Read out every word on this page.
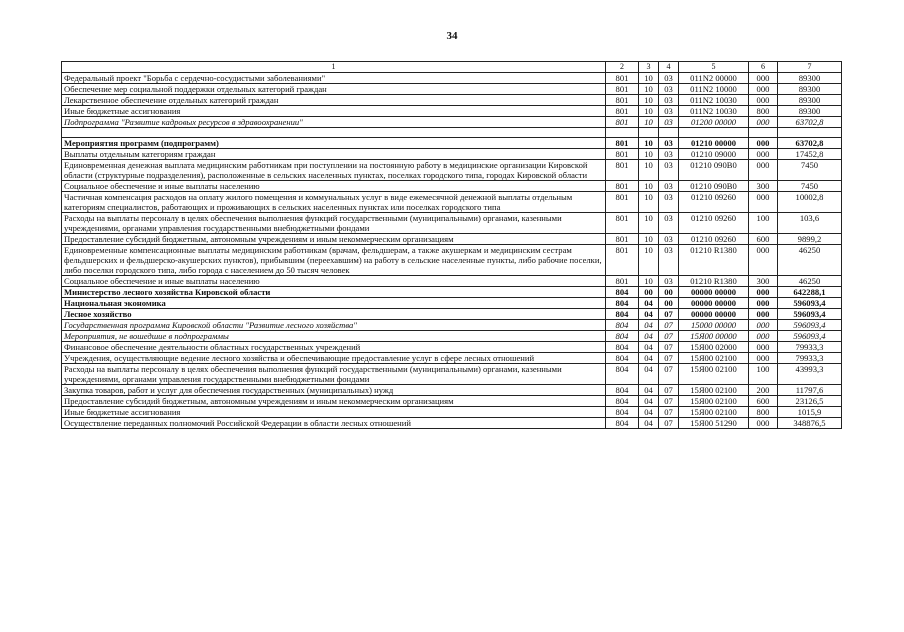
34
1	2	3	4	5	6	7
Федеральный проект "Борьба с сердечно-сосудистыми заболеваниями"	801	10	03	011N2 00000	000	89300
Обеспечение мер социальной поддержки отдельных категорий граждан	801	10	03	011N2 10000	000	89300
Лекарственное обеспечение отдельных категорий граждан	801	10	03	011N2 10030	000	89300
Иные бюджетные ассигнования	801	10	03	011N2 10030	800	89300
Подпрограмма "Развитие кадровых ресурсов в здравоохранении"	801	10	03	01200 00000	000	63702,8

Мероприятия программ (подпрограмм)	801	10	03	01210 00000	000	63702,8
Выплаты отдельным категориям граждан	801	10	03	01210 09000	000	17452,8
Единовременная денежная выплата медицинским работникам при поступлении на постоянную работу в медицинские организации Кировской области (структурные подразделения), расположенные в сельских населенных пунктах, поселках городского типа, городах Кировской области	801	10	03	01210 090В0	000	7450
Социальное обеспечение и иные выплаты населению	801	10	03	01210 090В0	300	7450
Частичная компенсация расходов на оплату жилого помещения и коммунальных услуг в виде ежемесячной денежной выплаты отдельным категориям специалистов, работающих и проживающих в сельских населенных пунктах или поселках городского типа	801	10	03	01210 09260	000	10002,8
Расходы на выплаты персоналу в целях обеспечения выполнения функций государственными (муниципальными) органами, казенными учреждениями, органами управления государственными внебюджетными фондами	801	10	03	01210 09260	100	103,6
Предоставление субсидий бюджетным, автономным учреждениям и иным некоммерческим организациям	801	10	03	01210 09260	600	9899,2
Единовременные компенсационные выплаты медицинским работникам (врачам, фельдшерам, а также акушеркам и медицинским сестрам фельдшерских и фельдшерско-акушерских пунктов), прибывшим (переехавшим) на работу в сельские населенные пункты, либо рабочие поселки, либо поселки городского типа, либо города с населением до 50 тысяч человек	801	10	03	01210 R1380	000	46250
Социальное обеспечение и иные выплаты населению	801	10	03	01210 R1380	300	46250
Министерство лесного хозяйства Кировской области	804	00	00	00000 00000	000	642288,1
Национальная экономика	804	04	00	00000 00000	000	596093,4
Лесное хозяйство	804	04	07	00000 00000	000	596093,4
Государственная программа Кировской области "Развитие лесного хозяйства"	804	04	07	15000 00000	000	596093,4
Мероприятия, не вошедшие в подпрограммы	804	04	07	15Я00 00000	000	596093,4
Финансовое обеспечение деятельности областных государственных учреждений	804	04	07	15Я00 02000	000	79933,3
Учреждения, осуществляющие ведение лесного хозяйства и обеспечивающие предоставление услуг в сфере лесных отношений	804	04	07	15Я00 02100	000	79933,3
Расходы на выплаты персоналу в целях обеспечения выполнения функций государственными (муниципальными) органами, казенными учреждениями, органами управления государственными внебюджетными фондами	804	04	07	15Я00 02100	100	43993,3
Закупка товаров, работ и услуг для обеспечения государственных (муниципальных) нужд	804	04	07	15Я00 02100	200	11797,6
Предоставление субсидий бюджетным, автономным учреждениям и иным некоммерческим организациям	804	04	07	15Я00 02100	600	23126,5
Иные бюджетные ассигнования	804	04	07	15Я00 02100	800	1015,9
Осуществление переданных полномочий Российской Федерации в области лесных отношений	804	04	07	15Я00 51290	000	348876,5
